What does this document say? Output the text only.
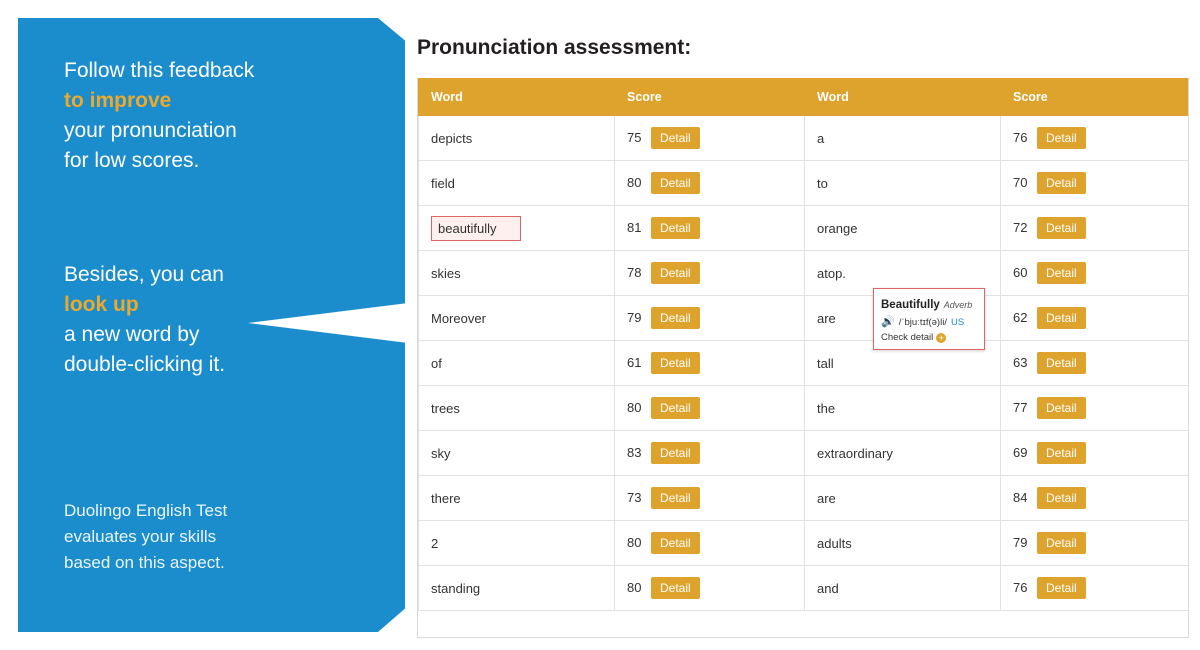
Follow this feedback

to improve
your pronunciation
for low scores.
Besides, you can

look up
a new word by
double-clicking it.
Duolingo English Test
evaluates your skills
based on this aspect.
Pronunciation assessment:
Word	Score	Word	Score
depicts	75 Detail	a	76 Detail
field	80 Detail	to	70 Detail
beautifully	81 Detail	orange	72 Detail
skies	78 Detail	atop.	60 Detail
Moreover	79 Detail	are	62 Detail
of	61 Detail	tall	63 Detail
trees	80 Detail	the	77 Detail
sky	83 Detail	extraordinary	69 Detail
there	73 Detail	are	84 Detail
2	80 Detail	adults	79 Detail
standing	80 Detail	and	76 Detail
Beautifully Adverb
🔊 /ˈbjuːtɪf(ə)li/ US
Check detail +
